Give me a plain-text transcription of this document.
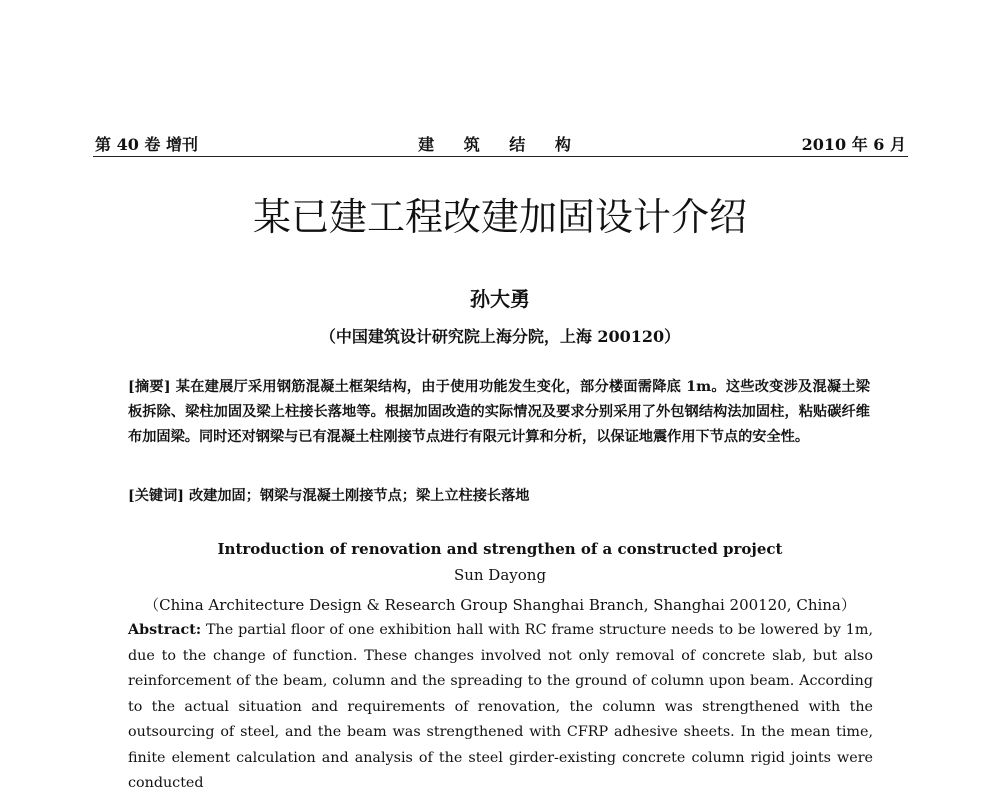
第 40 卷 增刊	建 筑 结 构	2010 年 6 月
某已建工程改建加固设计介绍
孙大勇
（中国建筑设计研究院上海分院，上海 200120）
[摘要] 某在建展厅采用钢筋混凝土框架结构，由于使用功能发生变化，部分楼面需降底 1m。这些改变涉及混凝土梁板拆除、梁柱加固及梁上柱接长落地等。根据加固改造的实际情况及要求分别采用了外包钢结构法加固柱，粘贴碳纤维布加固梁。同时还对钢梁与已有混凝土柱刚接节点进行有限元计算和分析，以保证地震作用下节点的安全性。
[关键词] 改建加固；钢梁与混凝土刚接节点；梁上立柱接长落地
Introduction of renovation and strengthen of a constructed project
Sun Dayong
（China Architecture Design & Research Group Shanghai Branch, Shanghai 200120, China）
Abstract: The partial floor of one exhibition hall with RC frame structure needs to be lowered by 1m, due to the change of function. These changes involved not only removal of concrete slab, but also reinforcement of the beam, column and the spreading to the ground of column upon beam. According to the actual situation and requirements of renovation, the column was strengthened with the outsourcing of steel, and the beam was strengthened with CFRP adhesive sheets. In the mean time, finite element calculation and analysis of the steel girder-existing concrete column rigid joints were conducted
